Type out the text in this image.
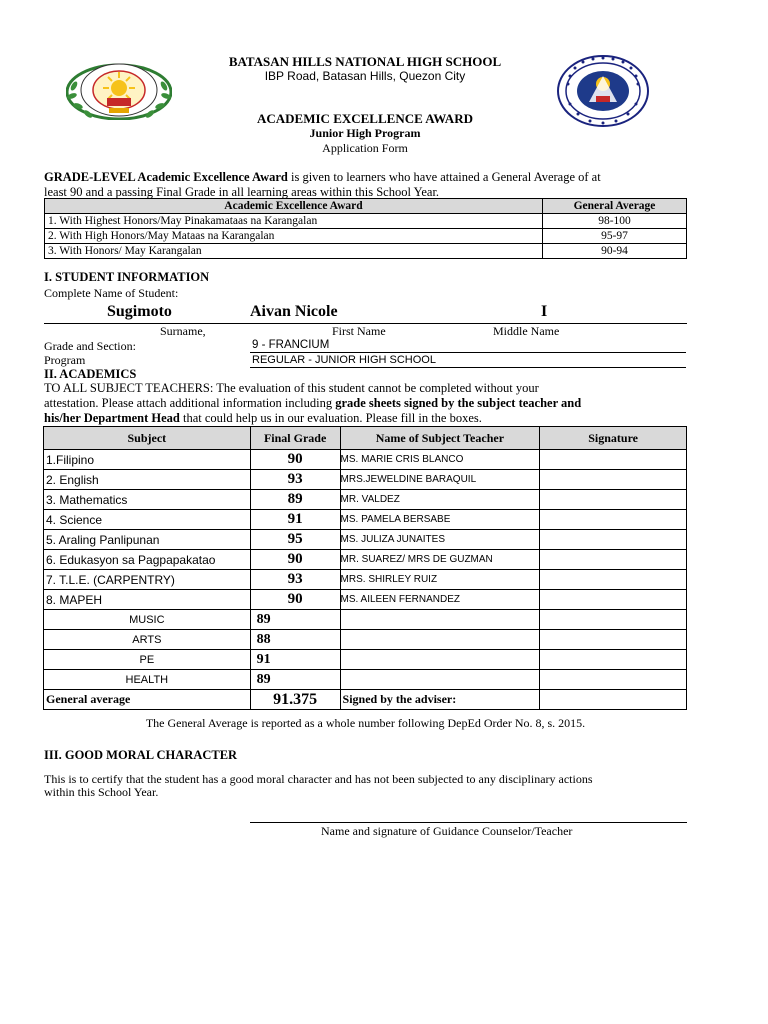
BATASAN HILLS NATIONAL HIGH SCHOOL
IBP Road, Batasan Hills, Quezon City
ACADEMIC EXCELLENCE AWARD
Junior High Program
Application Form
GRADE-LEVEL Academic Excellence Award is given to learners who have attained a General Average of at
least 90 and a passing Final Grade in all learning areas within this School Year.
Academic Excellence Award	General Average
1. With Highest Honors/May Pinakamataas na Karangalan	98-100
2. With High Honors/May Mataas na Karangalan	95-97
3. With Honors/ May Karangalan	90-94
I. STUDENT INFORMATION
Complete Name of Student:
Sugimoto	Aivan Nicole	I
Surname,	First Name	Middle Name
Grade and Section:	9 - FRANCIUM
Program	REGULAR - JUNIOR HIGH SCHOOL
II. ACADEMICS
TO ALL SUBJECT TEACHERS: The evaluation of this student cannot be completed without your
attestation. Please attach additional information including grade sheets signed by the subject teacher and
his/her Department Head that could help us in our evaluation. Please fill in the boxes.
Subject	Final Grade	Name of Subject Teacher	Signature
1.Filipino	90	MS. MARIE CRIS BLANCO	
2. English	93	MRS.JEWELDINE BARAQUIL	
3. Mathematics	89	MR. VALDEZ	
4. Science	91	MS. PAMELA BERSABE	
5. Araling Panlipunan	95	MS. JULIZA JUNAITES	
6. Edukasyon sa Pagpapakatao	90	MR. SUAREZ/ MRS DE GUZMAN	
7. T.L.E. (CARPENTRY)	93	MRS. SHIRLEY RUIZ	
8. MAPEH	90	MS. AILEEN FERNANDEZ	
MUSIC	89		
ARTS	88		
PE	91		
HEALTH	89		
General average	91.375	Signed by the adviser:	
The General Average is reported as a whole number following DepEd Order No. 8, s. 2015.
III. GOOD MORAL CHARACTER
This is to certify that the student has a good moral character and has not been subjected to any disciplinary actions
within this School Year.
Name and signature of Guidance Counselor/Teacher
